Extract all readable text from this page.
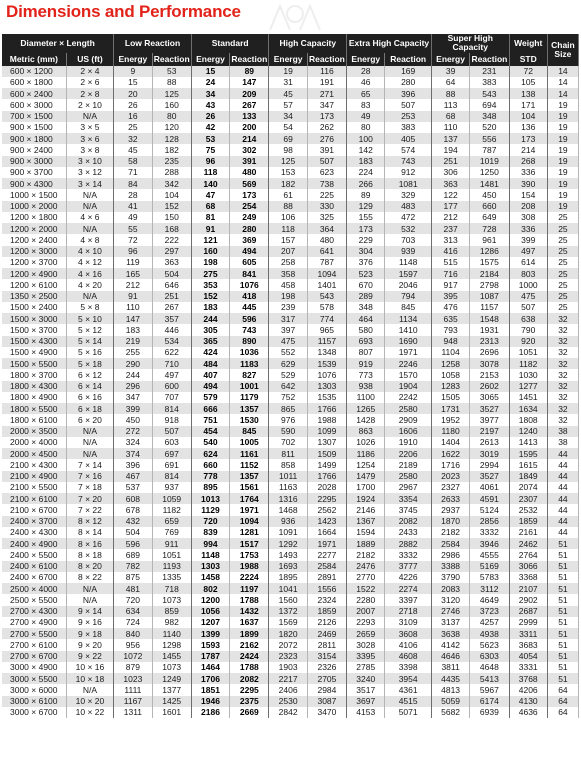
Dimensions and Performance
Diameter × Length		Low Reaction		Standard		High Capacity		Extra High Capacity		Super High Capacity		Weight	Chain Size
Metric (mm)	US (ft)	Energy	Reaction	Energy	Reaction	Energy	Reaction	Energy	Reaction	Energy	Reaction	STD	
600 × 1200	2 × 4	9	53	15	89	19	116	28	169	39	231	72	14
600 × 1800	2 × 6	15	88	24	147	31	191	46	280	64	383	105	14
600 × 2400	2 × 8	20	125	34	209	45	271	65	396	88	543	138	14
600 × 3000	2 × 10	26	160	43	267	57	347	83	507	113	694	171	19
700 × 1500	N/A	16	80	26	133	34	173	49	253	68	348	104	19
900 × 1500	3 × 5	25	120	42	200	54	262	80	383	110	520	136	19
900 × 1800	3 × 6	32	128	53	214	69	276	100	405	137	556	173	19
900 × 2400	3 × 8	45	182	75	302	98	391	142	574	194	787	214	19
900 × 3000	3 × 10	58	235	96	391	125	507	183	743	251	1019	268	19
900 × 3700	3 × 12	71	288	118	480	153	623	224	912	306	1250	336	19
900 × 4300	3 × 14	84	342	140	569	182	738	266	1081	363	1481	390	19
1000 × 1500	N/A	28	104	47	173	61	225	89	329	122	450	154	19
1000 × 2000	N/A	41	152	68	254	88	330	129	483	177	660	208	19
1200 × 1800	4 × 6	49	150	81	249	106	325	155	472	212	649	308	25
1200 × 2000	N/A	55	168	91	280	118	364	173	532	237	728	336	25
1200 × 2400	4 × 8	72	222	121	369	157	480	229	703	313	961	399	25
1200 × 3000	4 × 10	96	297	160	494	207	641	304	939	416	1286	497	25
1200 × 3700	4 × 12	119	363	198	605	258	787	376	1148	515	1575	614	25
1200 × 4900	4 × 16	165	504	275	841	358	1094	523	1597	716	2184	803	25
1200 × 6100	4 × 20	212	646	353	1076	458	1401	670	2046	917	2798	1000	25
1350 × 2500	N/A	91	251	152	418	198	543	289	794	395	1087	475	25
1500 × 2400	5 × 8	110	267	183	445	239	578	348	845	476	1157	507	25
1500 × 3000	5 × 10	147	357	244	596	317	774	464	1134	635	1548	638	32
1500 × 3700	5 × 12	183	446	305	743	397	965	580	1410	793	1931	790	32
1500 × 4300	5 × 14	219	534	365	890	475	1157	693	1690	948	2313	920	32
1500 × 4900	5 × 16	255	622	424	1036	552	1348	807	1971	1104	2696	1051	32
1500 × 5500	5 × 18	290	710	484	1183	629	1539	919	2246	1258	3078	1182	32
1800 × 3700	6 × 12	244	497	407	827	529	1076	773	1570	1058	2153	1030	32
1800 × 4300	6 × 14	296	600	494	1001	642	1303	938	1904	1283	2602	1277	32
1800 × 4900	6 × 16	347	707	579	1179	752	1535	1100	2242	1505	3065	1451	32
1800 × 5500	6 × 18	399	814	666	1357	865	1766	1265	2580	1731	3527	1634	32
1800 × 6100	6 × 20	450	918	751	1530	976	1988	1428	2909	1952	3977	1808	32
2000 × 3500	N/A	272	507	454	845	590	1099	863	1606	1180	2197	1240	38
2000 × 4000	N/A	324	603	540	1005	702	1307	1026	1910	1404	2613	1413	38
2000 × 4500	N/A	374	697	624	1161	811	1509	1186	2206	1622	3019	1595	44
2100 × 4300	7 × 14	396	691	660	1152	858	1499	1254	2189	1716	2994	1615	44
2100 × 4900	7 × 16	467	814	778	1357	1011	1766	1479	2580	2023	3527	1849	44
2100 × 5500	7 × 18	537	937	895	1561	1163	2028	1700	2967	2327	4061	2074	44
2100 × 6100	7 × 20	608	1059	1013	1764	1316	2295	1924	3354	2633	4591	2307	44
2100 × 6700	7 × 22	678	1182	1129	1971	1468	2562	2146	3745	2937	5124	2532	44
2400 × 3700	8 × 12	432	659	720	1094	936	1423	1367	2082	1870	2856	1859	44
2400 × 4300	8 × 14	504	769	839	1281	1091	1664	1594	2433	2182	3332	2161	44
2400 × 4900	8 × 16	596	911	994	1517	1292	1971	1889	2882	2584	3946	2462	51
2400 × 5500	8 × 18	689	1051	1148	1753	1493	2277	2182	3332	2986	4555	2764	51
2400 × 6100	8 × 20	782	1193	1303	1988	1693	2584	2476	3777	3388	5169	3066	51
2400 × 6700	8 × 22	875	1335	1458	2224	1895	2891	2770	4226	3790	5783	3368	51
2500 × 4000	N/A	481	718	802	1197	1041	1556	1522	2274	2083	3112	2107	51
2500 × 5500	N/A	720	1073	1200	1788	1560	2324	2280	3397	3120	4649	2902	51
2700 × 4300	9 × 14	634	859	1056	1432	1372	1859	2007	2718	2746	3723	2687	51
2700 × 4900	9 × 16	724	982	1207	1637	1569	2126	2293	3109	3137	4257	2999	51
2700 × 5500	9 × 18	840	1140	1399	1899	1820	2469	2659	3608	3638	4938	3311	51
2700 × 6100	9 × 20	956	1298	1593	2162	2072	2811	3028	4106	4142	5623	3683	51
2700 × 6700	9 × 22	1072	1455	1787	2424	2323	3154	3395	4608	4646	6303	4054	51
3000 × 4900	10 × 16	879	1073	1464	1788	1903	2326	2785	3398	3811	4648	3331	51
3000 × 5500	10 × 18	1023	1249	1706	2082	2217	2705	3240	3954	4435	5413	3768	51
3000 × 6000	N/A	1111	1377	1851	2295	2406	2984	3517	4361	4813	5967	4206	64
3000 × 6100	10 × 20	1167	1425	1946	2375	2530	3087	3697	4515	5059	6174	4130	64
3000 × 6700	10 × 22	1311	1601	2186	2669	2842	3470	4153	5071	5682	6939	4636	64
